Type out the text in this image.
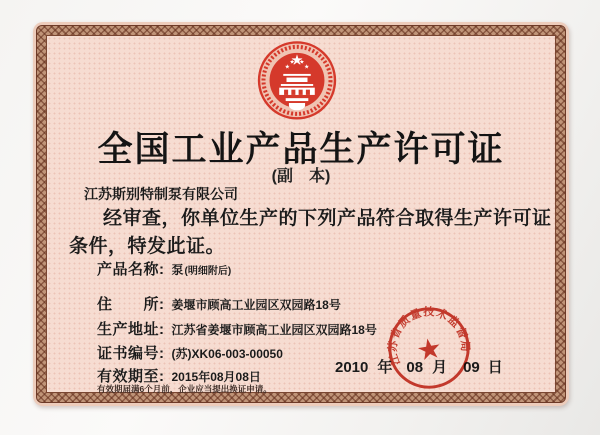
全国工业产品生产许可证
(副　本)
江苏斯别特制泵有限公司
经审查，你单位生产的下列产品符合取得生产许可证
条件，特发此证。
产品名称: 泵 (明细附后)
住　　所: 姜堰市顾高工业园区双园路18号
生产地址: 江苏省姜堰市顾高工业园区双园路18号
证书编号: (苏)XK06-003-00050
有效期至: 2015年08月08日
有效期届满6个月前，企业应当提出换证申请。
2010 年 08 月 09 日
江苏省质量技术监督局
